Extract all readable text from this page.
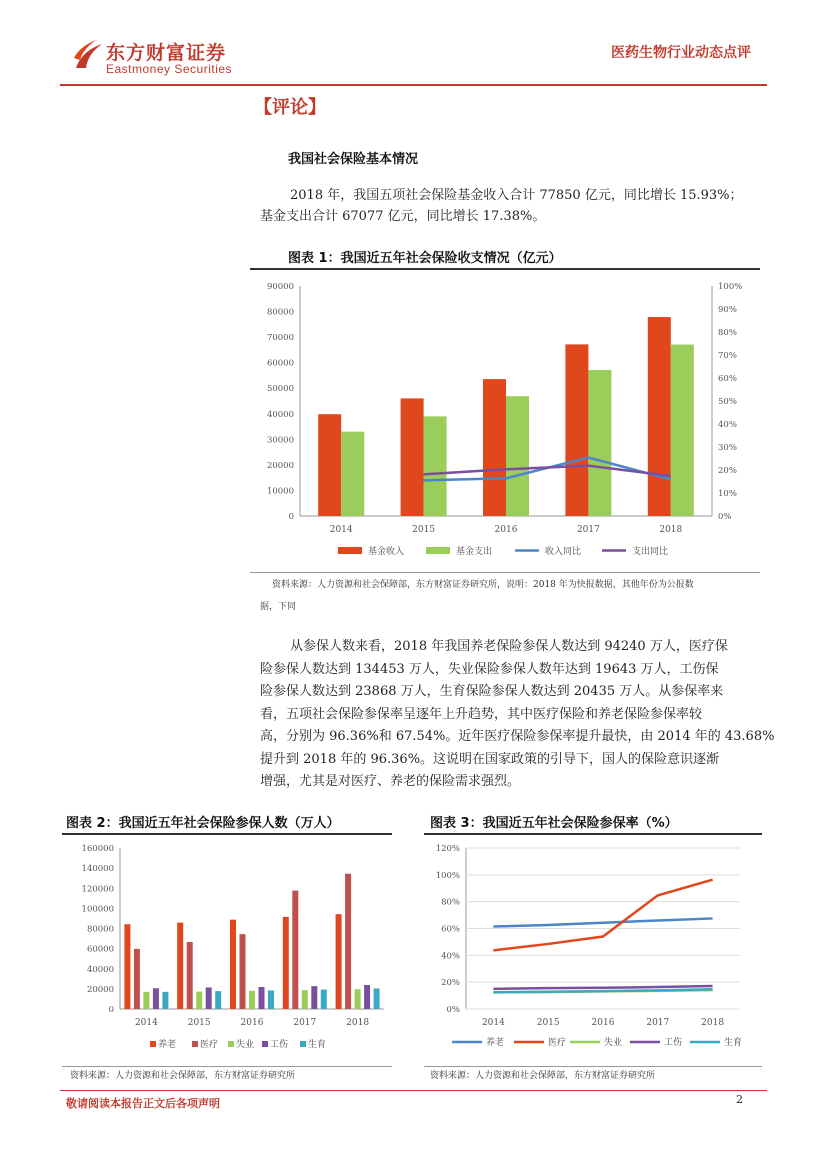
东方财富证券
Eastmoney Securities
医药生物行业动态点评
【评论】
我国社会保险基本情况
2018 年，我国五项社会保险基金收入合计 77850 亿元，同比增长 15.93%；
基金支出合计 67077 亿元，同比增长 17.38%。
图表 1：我国近五年社会保险收支情况（亿元）
0
10000
20000
30000
40000
50000
60000
70000
80000
90000
0%
10%
20%
30%
40%
50%
60%
70%
80%
90%
100%
2014	2015	2016	2017	2018
基金收入	基金支出	收入同比	支出同比
资料来源：人力资源和社会保障部，东方财富证券研究所，说明：2018 年为快报数据，其他年份为公报数
据，下同
从参保人数来看，2018 年我国养老保险参保人数达到 94240 万人，医疗保
险参保人数达到 134453 万人，失业保险参保人数年达到 19643 万人，工伤保
险参保人数达到 23868 万人，生育保险参保人数达到 20435 万人。从参保率来
看，五项社会保险参保率呈逐年上升趋势，其中医疗保险和养老保险参保率较
高，分别为 96.36%和 67.54%。近年医疗保险参保率提升最快，由 2014 年的 43.68%
提升到 2018 年的 96.36%。这说明在国家政策的引导下，国人的保险意识逐渐
增强，尤其是对医疗、养老的保险需求强烈。
图表 2：我国近五年社会保险参保人数（万人）
0
20000
40000
60000
80000
100000
120000
140000
160000
2014	2015	2016	2017	2018
养老	医疗 失业 工伤 生育
资料来源：人力资源和社会保障部，东方财富证券研究所
图表 3：我国近五年社会保险参保率（%）
0%
20%
40%
60%
80%
100%
120%
2014	2015	2016	2017	2018
养老	医疗	失业	工伤	生育
资料来源：人力资源和社会保障部，东方财富证券研究所
敬请阅读本报告正文后各项声明	2
